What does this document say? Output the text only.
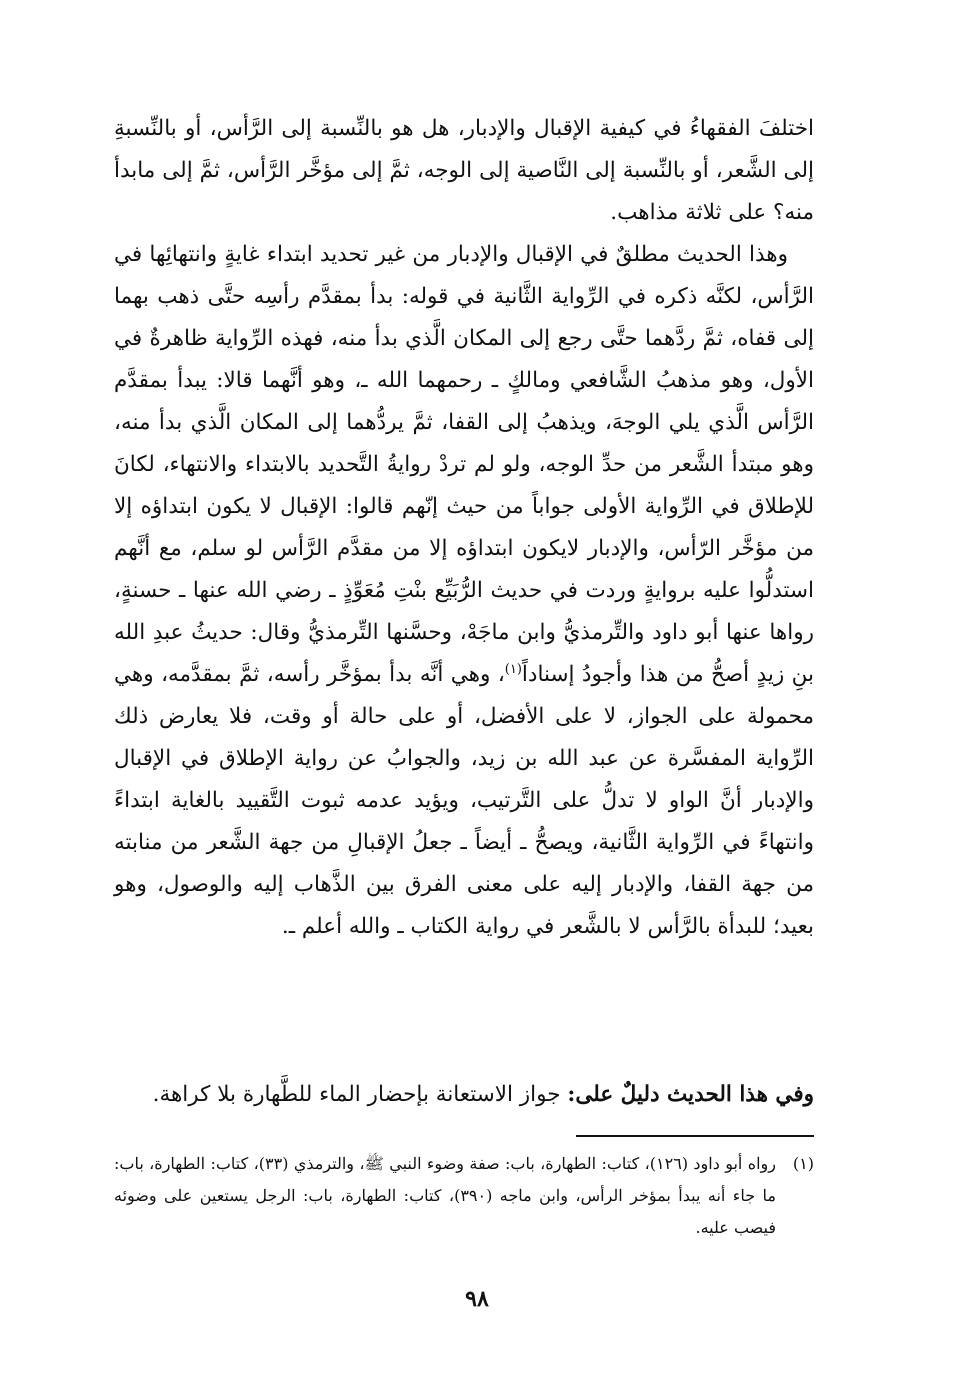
اختلفَ الفقهاءُ في كيفية الإقبال والإدبار، هل هو بالنِّسبة إلى الرَّأس، أو بالنِّسبةِ إلى الشَّعر، أو بالنِّسبة إلى النَّاصية إلى الوجه، ثمَّ إلى مؤخَّر الرَّأس، ثمَّ إلى مابدأ منه؟ على ثلاثة مذاهب.

وهذا الحديث مطلقٌ في الإقبال والإدبار من غير تحديد ابتداء غايةٍ وانتهائِها في الرَّأس، لكنَّه ذكره في الرِّواية الثَّانية في قوله: بدأ بمقدَّم رأسِه حتَّى ذهب بهما إلى قفاه، ثمَّ ردَّهما حتَّى رجع إلى المكان الَّذي بدأ منه، فهذه الرِّواية ظاهرةٌ في الأول، وهو مذهبُ الشَّافعي ومالكٍ ـ رحمهما الله ـ، وهو أنَّهما قالا: يبدأ بمقدَّم الرَّأس الَّذي يلي الوجهَ، ويذهبُ إلى القفا، ثمَّ يردُّهما إلى المكان الَّذي بدأ منه، وهو مبتدأ الشَّعر من حدِّ الوجه، ولو لم تردْ روايةُ التَّحديد بالابتداء والانتهاء، لكانَ للإطلاق في الرِّواية الأولى جواباً من حيث إنّهم قالوا: الإقبال لا يكون ابتداؤه إلا من مؤخَّر الرّأس، والإدبار لايكون ابتداؤه إلا من مقدَّم الرَّأس لو سلم، مع أنَّهم استدلُّوا عليه بروايةٍ وردت في حديث الرُّبَيِّع بنْتِ مُعَوِّذٍ ـ رضي الله عنها ـ حسنةٍ، رواها عنها أبو داود والتِّرمذيُّ وابن ماجَهْ، وحسَّنها التِّرمذيُّ وقال: حديثُ عبدِ الله بنِ زيدٍ أصحُّ من هذا وأجودُ إسناداً$^{(١)}$، وهي أنَّه بدأ بمؤخَّر رأسه، ثمَّ بمقدَّمه، وهي محمولة على الجواز، لا على الأفضل، أو على حالة أو وقت، فلا يعارض ذلك الرِّواية المفسَّرة عن عبد الله بن زيد، والجوابُ عن رواية الإطلاق في الإقبال والإدبار أنَّ الواو لا تدلُّ على التَّرتيب، ويؤيد عدمه ثبوت التَّقييد بالغاية ابتداءً وانتهاءً في الرِّواية الثَّانية، ويصحُّ ـ أيضاً ـ جعلُ الإقبالِ من جهة الشَّعر من منابته من جهة القفا، والإدبار إليه على معنى الفرق بين الذَّهاب إليه والوصول، وهو بعيد؛ للبدأة بالرَّأس لا بالشَّعر في رواية الكتاب ـ والله أعلم ـ.

وفي هذا الحديث دليلٌ على: جواز الاستعانة بإحضار الماء للطَّهارة بلا كراهة.
(١)
رواه أبو داود (١٢٦)، كتاب: الطهارة، باب: صفة وضوء النبي ﷺ، والترمذي (٣٣)، كتاب: الطهارة، باب: ما جاء أنه يبدأ بمؤخر الرأس، وابن ماجه (٣٩٠)، كتاب: الطهارة، باب: الرجل يستعين على وضوئه فيصب عليه.
٩٨
